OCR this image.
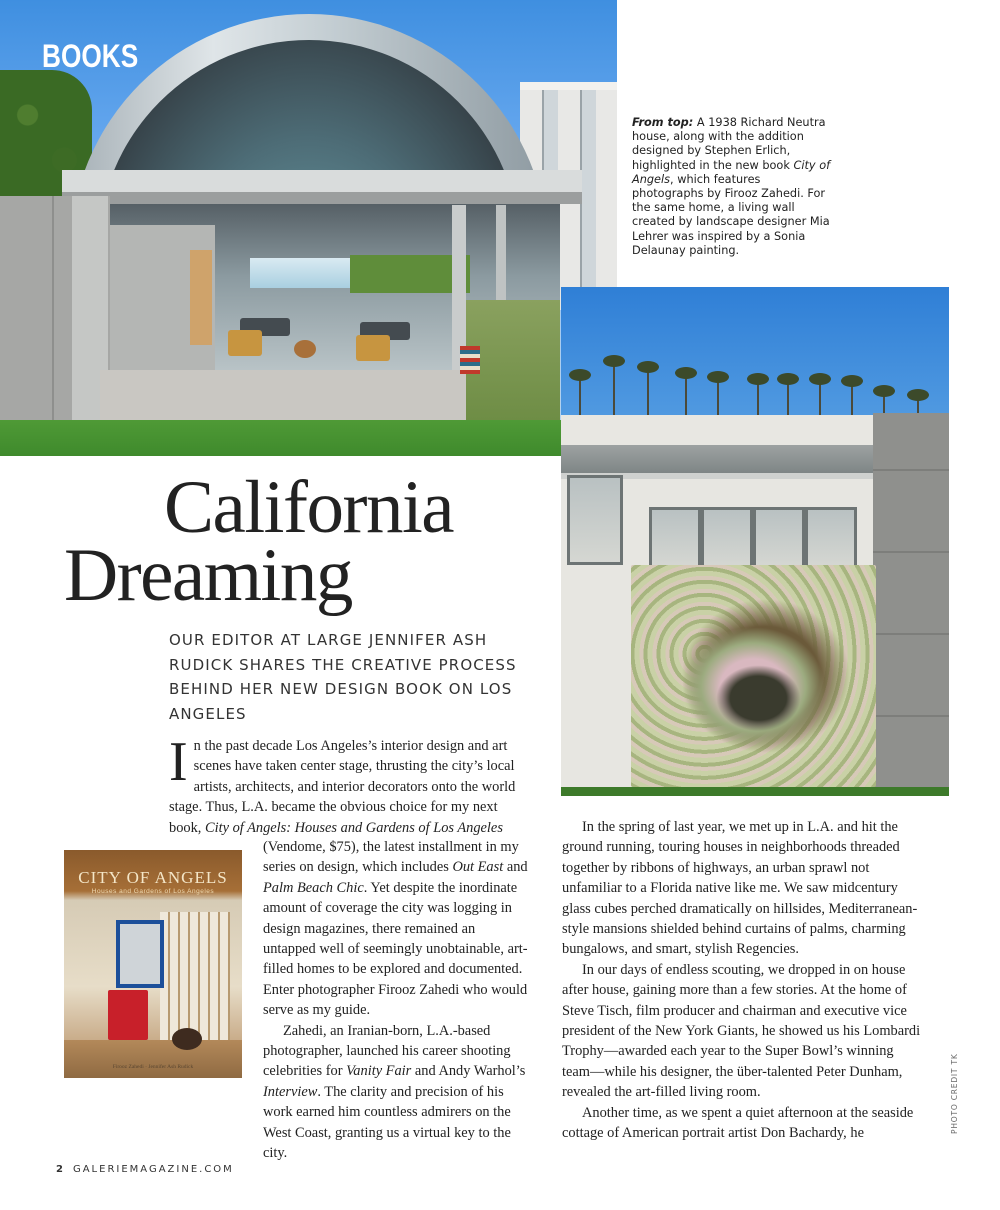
BOOKS
From top: A 1938 Richard Neutra house, along with the addition designed by Stephen Erlich, highlighted in the new book City of Angels, which features photographs by Firooz Zahedi. For the same home, a living wall created by landscape designer Mia Lehrer was inspired by a Sonia Delaunay painting.
California
Dreaming
OUR EDITOR AT LARGE JENNIFER ASH RUDICK SHARES THE CREATIVE PROCESS BEHIND HER NEW DESIGN BOOK ON LOS ANGELES

In the past decade Los Angeles’s interior design and art scenes have taken center stage, thrusting the city’s local artists, architects, and interior decorators onto the world stage. Thus, L.A. became the obvious choice for my next book, City of Angels: Houses and Gardens of Los Angeles

(Vendome, $75), the latest installment in my series on design, which includes Out East and Palm Beach Chic. Yet despite the inordinate amount of coverage the city was logging in design magazines, there remained an untapped well of seemingly unobtainable, art-filled homes to be explored and documented. Enter photographer Firooz Zahedi who would serve as my guide.

Zahedi, an Iranian-born, L.A.-based photographer, launched his career shooting celebrities for Vanity Fair and Andy Warhol’s Interview. The clarity and precision of his work earned him countless admirers on the West Coast, granting us a virtual key to the city.

In the spring of last year, we met up in L.A. and hit the ground running, touring houses in neighborhoods threaded together by ribbons of highways, an urban sprawl not unfamiliar to a Florida native like me. We saw midcentury glass cubes perched dramatically on hillsides, Mediterranean-style mansions shielded behind curtains of palms, charming bungalows, and smart, stylish Regencies.

In our days of endless scouting, we dropped in on house after house, gaining more than a few stories. At the home of Steve Tisch, film producer and chairman and executive vice president of the New York Giants, he showed us his Lombardi Trophy—awarded each year to the Super Bowl’s winning team—while his designer, the über-talented Peter Dunham, revealed the art-filled living room.

Another time, as we spent a quiet afternoon at the seaside cottage of American portrait artist Don Bachardy, he

CITY OF ANGELS
Houses and Gardens of Los Angeles
Firooz Zahedi · Jennifer Ash Rudick
2 GALERIEMAGAZINE.COM
PHOTO CREDIT TK
